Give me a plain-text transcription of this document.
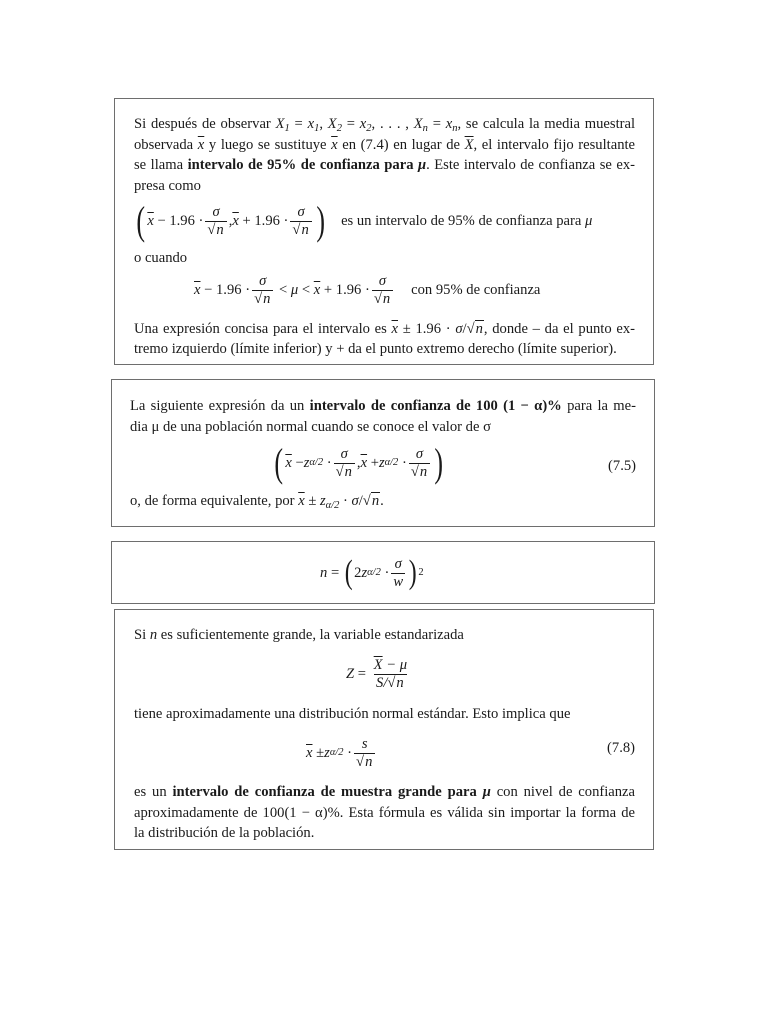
Si después de observar $X_1 = x_1$, $X_2 = x_2$, . . . , $X_n = x_n$, se calcula la media muestral
observada $\overline{x}$ y luego se sustituye $\overline{x}$ en (7.4) en lugar de $\overline{X}$, el intervalo fijo resultante
se llama intervalo de 95% de confianza para μ. Este intervalo de confianza se ex-
presa como
( $\overline{x} - 1.96 \cdot \frac{\sigma}{√n}$ , $\overline{x} + 1.96 \cdot \frac{\sigma}{√n}$ ) es un intervalo de 95% de confianza para
μ
o cuando
$\overline{x} - 1.96 \cdot \frac{\sigma}{√n} < \mu < \overline{x} + 1.96 \cdot \frac{\sigma}{√n}$ con 95% de confianza
Una expresión concisa para el intervalo es $\overline{x} \pm 1.96 \cdot \sigma/√n$, donde – da el punto ex-
tremo izquierdo (límite inferior) y + da el punto extremo derecho (límite superior).
La siguiente expresión da un intervalo de confianza de 100 (1 − α)% para la me-
dia μ de una población normal cuando se conoce el valor de σ
( $\overline{x} - z$ $\alpha/2 \cdot \frac{\sigma}{√n}$ , $\overline{x} + z$ $\alpha/2 \cdot \frac{\sigma}{√n}$ )	(7.5)
o, de forma equivalente, por $\overline{x} \pm z_{\alpha/2} \cdot \sigma/√n$.
n = ( 2 z $\alpha/2 \cdot \frac{\sigma}{w}$ ) 2
Si n es suficientemente grande, la variable estandarizada
$Z = \frac{\overline{X} - \mu}{S/√n}$
tiene aproximadamente una distribución normal estándar. Esto implica que
$\overline{x} \pm z$ $\alpha/2 \cdot \frac{s}{√n}$	(7.8)
es un intervalo de confianza de muestra grande para μ con nivel de confianza
aproximadamente de 100(1 − α)%. Esta fórmula es válida sin importar la forma de
la distribución de la población.
